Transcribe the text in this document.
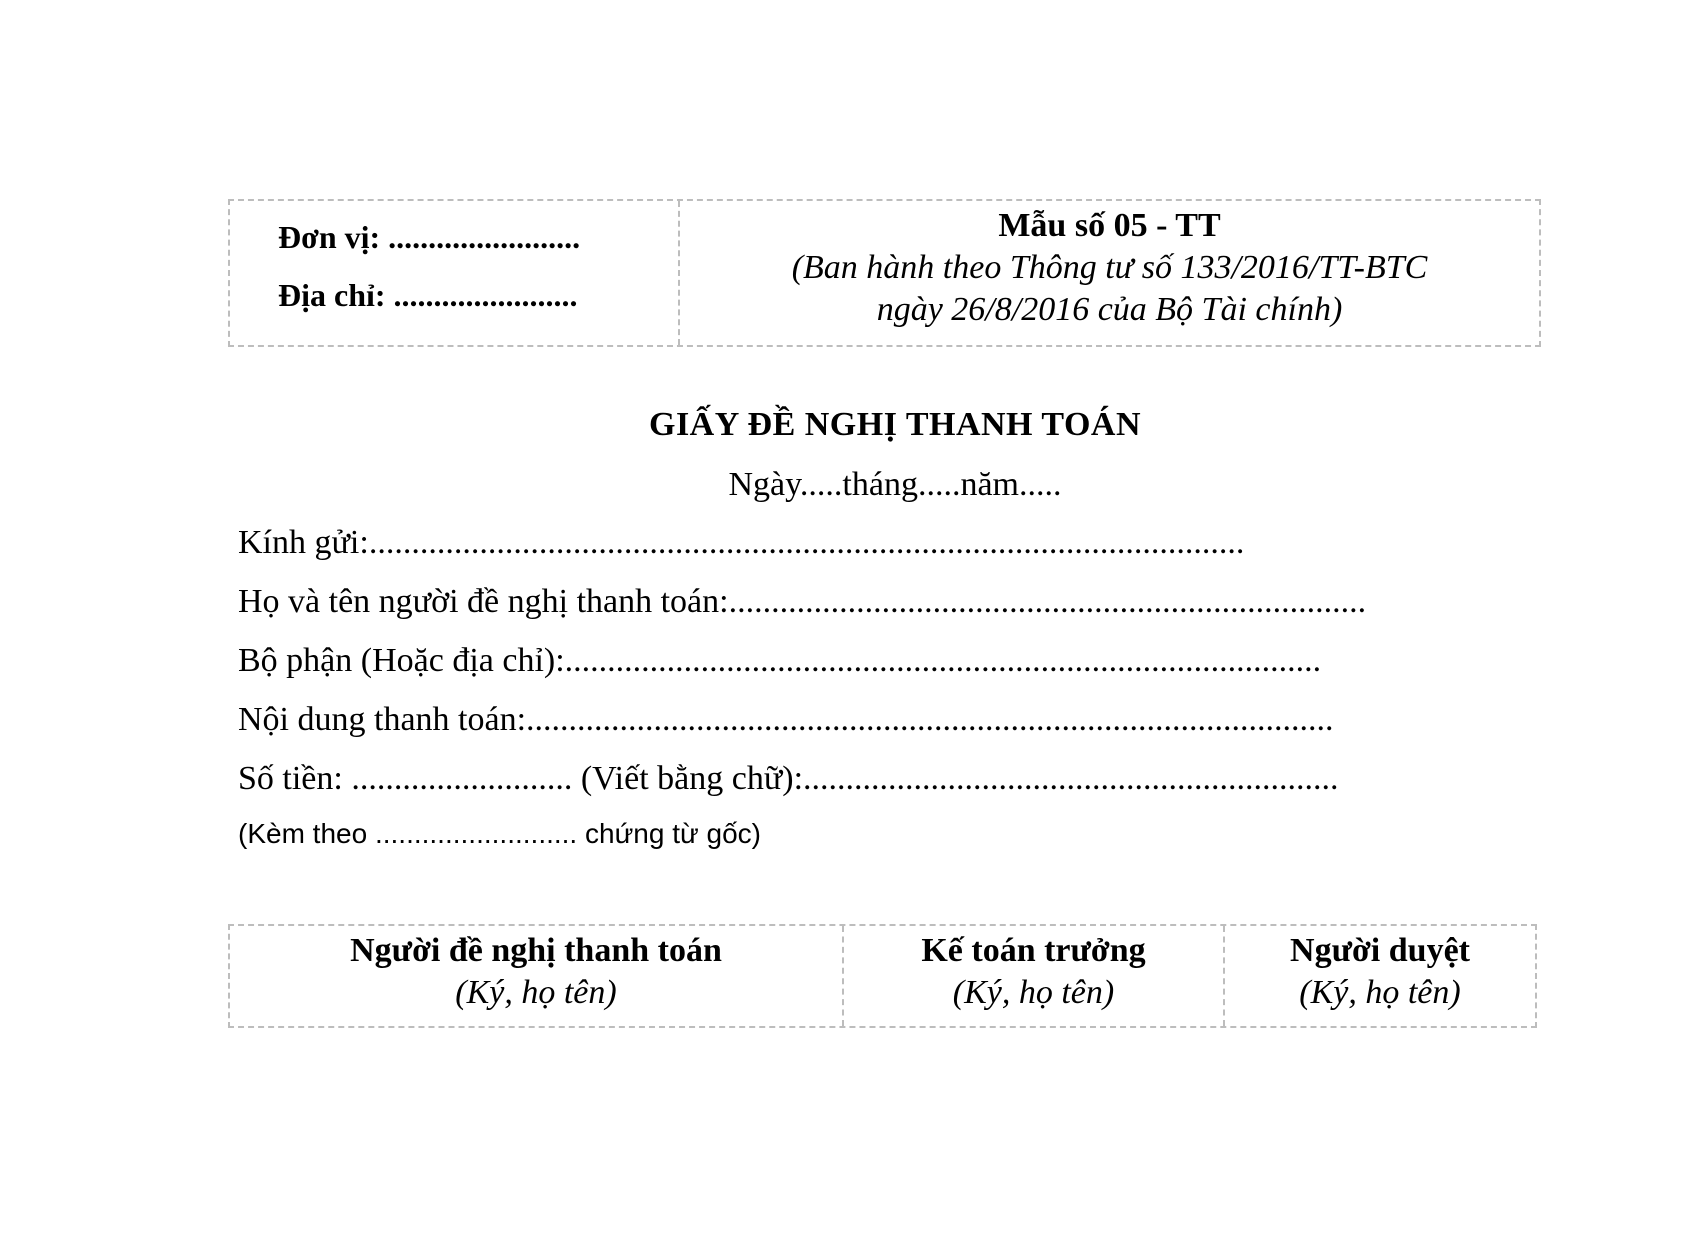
Đơn vị: ........................
Địa chỉ: .......................
Mẫu số 05 - TT
(Ban hành theo Thông tư số 133/2016/TT-BTC
ngày 26/8/2016 của Bộ Tài chính)
GIẤY ĐỀ NGHỊ THANH TOÁN
Ngày.....tháng.....năm.....
Kính gửi:.......................................................................................................
Họ và tên người đề nghị thanh toán:...........................................................................
Bộ phận (Hoặc địa chỉ):.........................................................................................
Nội dung thanh toán:...............................................................................................
Số tiền: .......................... (Viết bằng chữ):...............................................................
(Kèm theo .......................... chứng từ gốc)
Người đề nghị thanh toán
(Ký, họ tên)
Kế toán trưởng
(Ký, họ tên)
Người duyệt
(Ký, họ tên)
